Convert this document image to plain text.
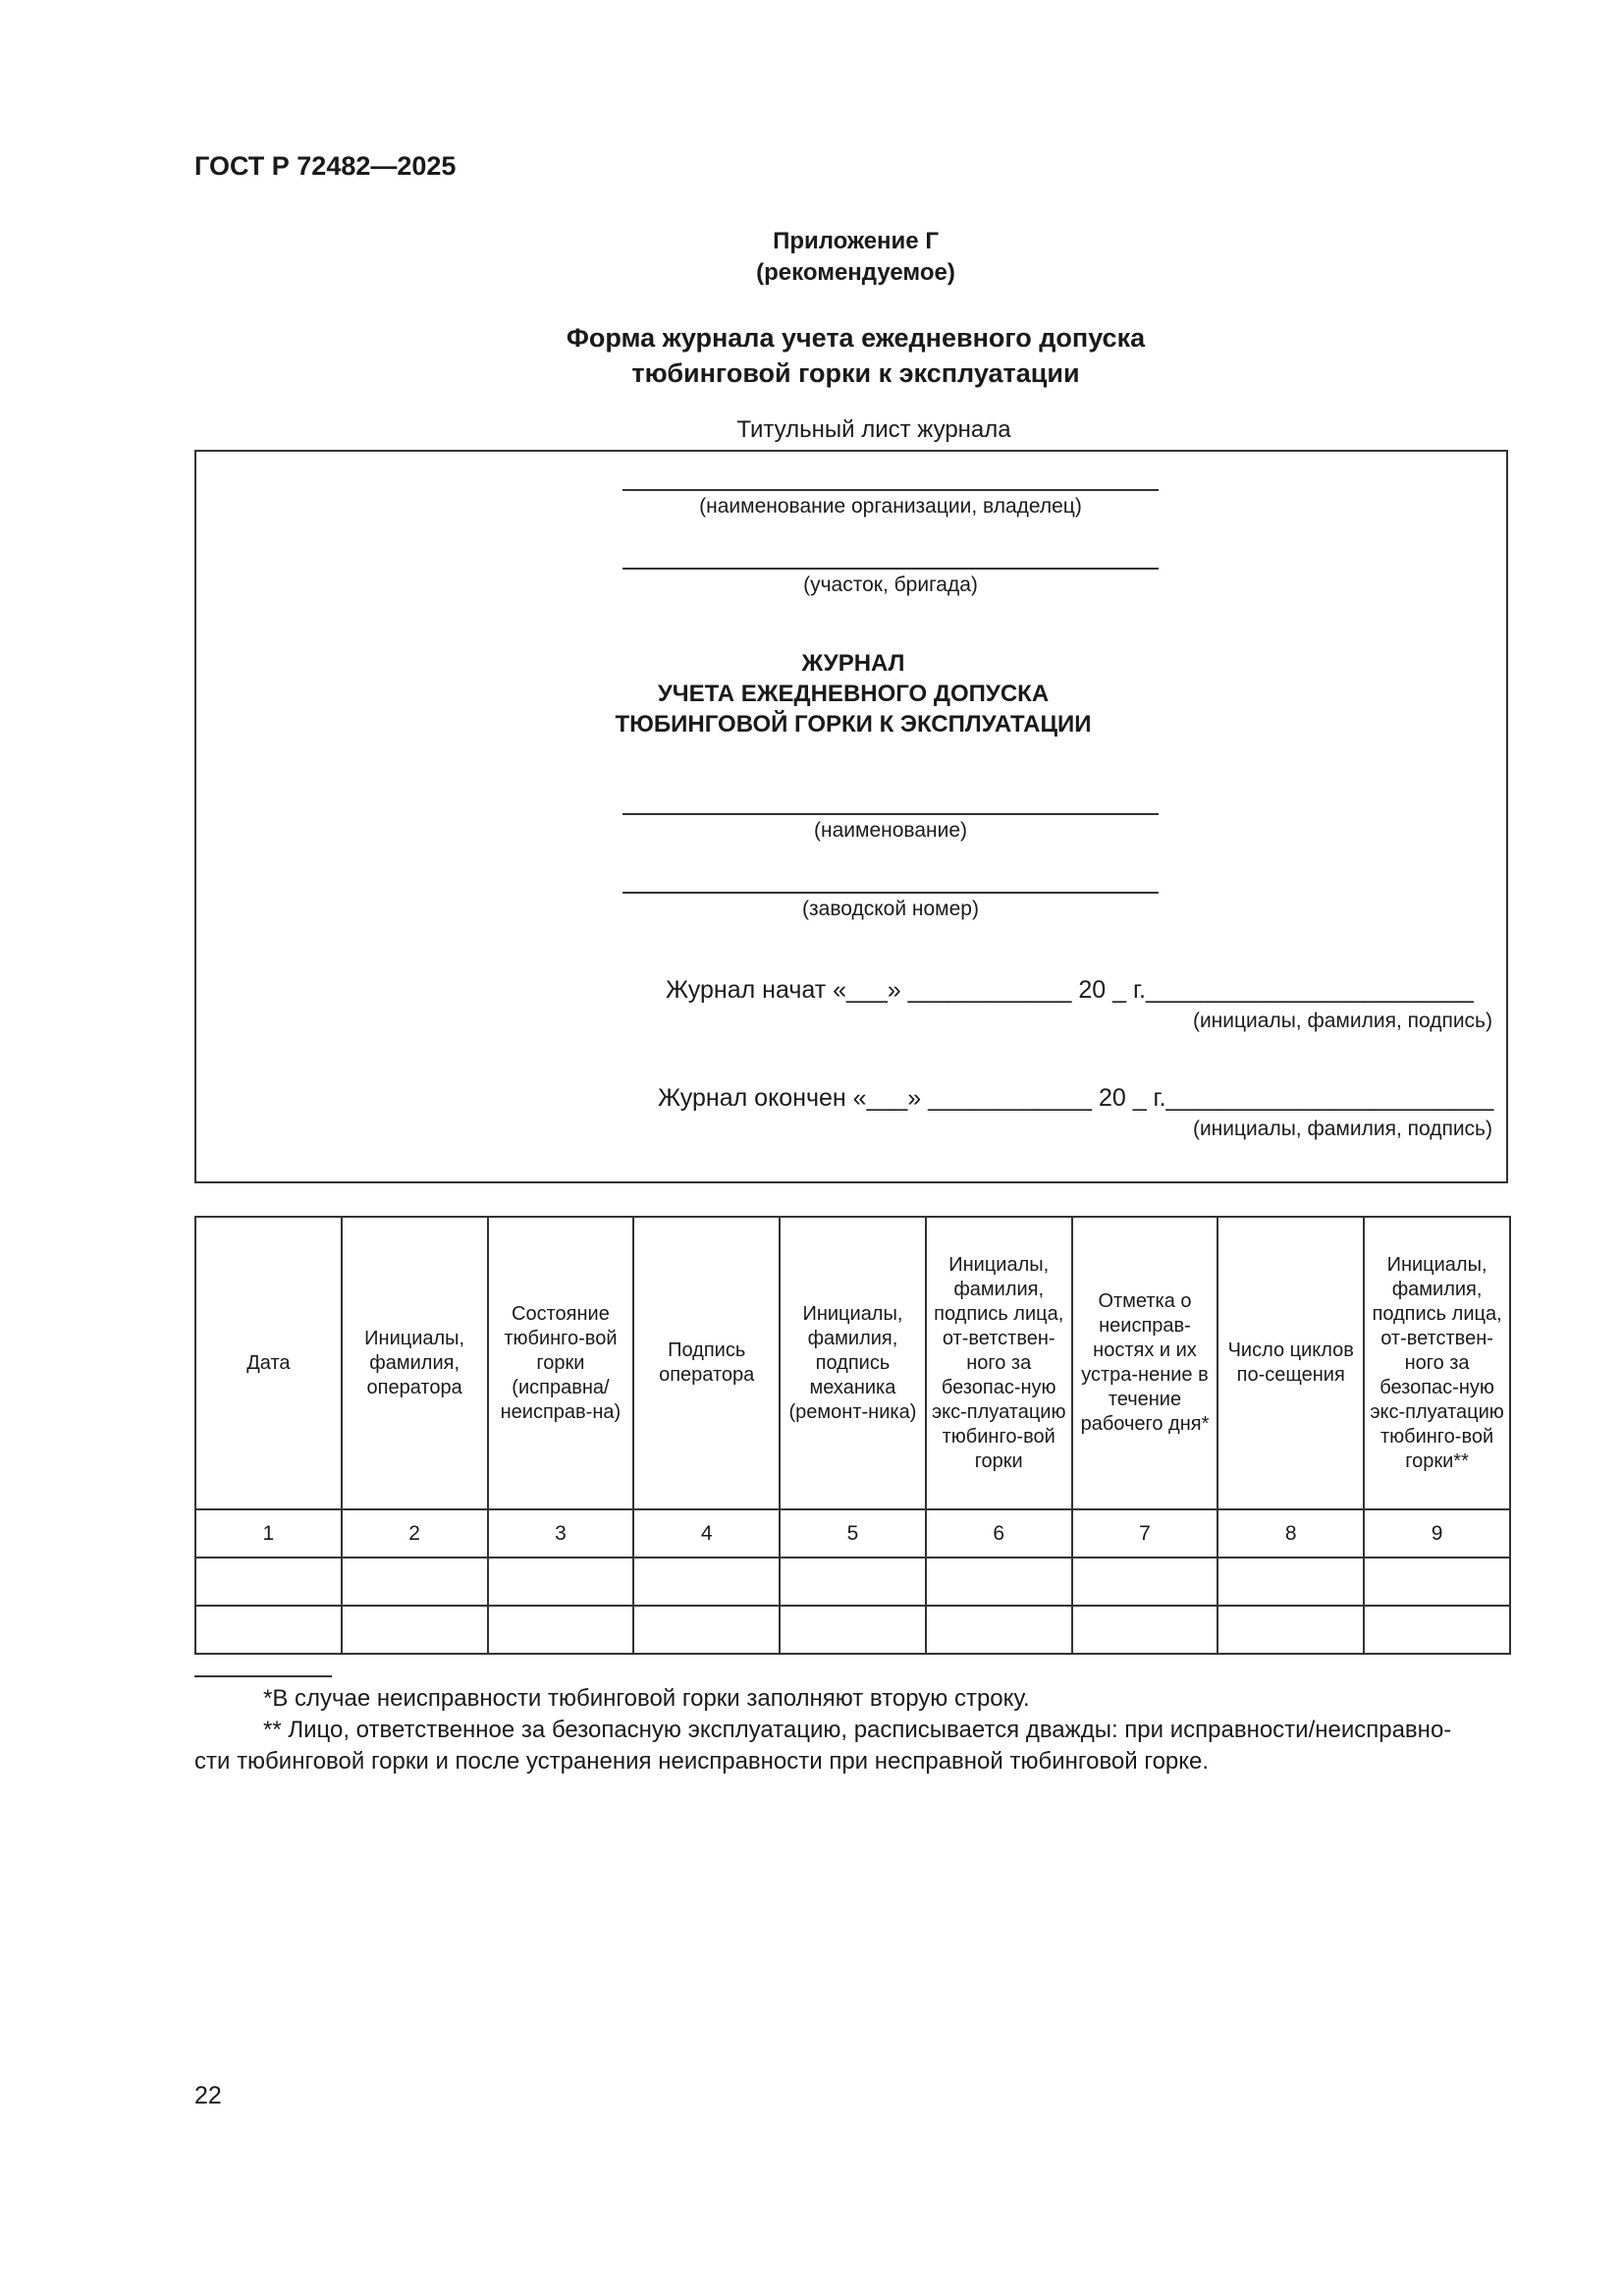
ГОСТ Р 72482—2025
Приложение Г
(рекомендуемое)
Форма журнала учета ежедневного допуска
тюбинговой горки к эксплуатации
Титульный лист журнала
(наименование организации, владелец)
(участок, бригада)
ЖУРНАЛ
УЧЕТА ЕЖЕДНЕВНОГО ДОПУСКА
ТЮБИНГОВОЙ ГОРКИ К ЭКСПЛУАТАЦИИ
(наименование)
(заводской номер)
Журнал начат «___» ____________ 20 _ г.________________________
(инициалы, фамилия, подпись)
Журнал окончен «___» ____________ 20 _ г.________________________
(инициалы, фамилия, подпись)
Дата	Инициалы, фамилия, оператора	Состояние тюбинго-вой горки (исправна/ неисправ-на)	Подпись оператора	Инициалы, фамилия, подпись механика (ремонт-ника)	Инициалы, фамилия, подпись лица, от-ветствен-ного за безопас-ную экс-плуатацию тюбинго-вой горки	Отметка о неисправ-ностях и их устра-нение в течение рабочего дня*	Число циклов по-сещения	Инициалы, фамилия, подпись лица, от-ветствен-ного за безопас-ную экс-плуатацию тюбинго-вой горки**
1	2	3	4	5	6	7	8	9

*В случае неисправности тюбинговой горки заполняют вторую строку.
** Лицо, ответственное за безопасную эксплуатацию, расписывается дважды: при исправности/неисправно-
сти тюбинговой горки и после устранения неисправности при несправной тюбинговой горке.
22
